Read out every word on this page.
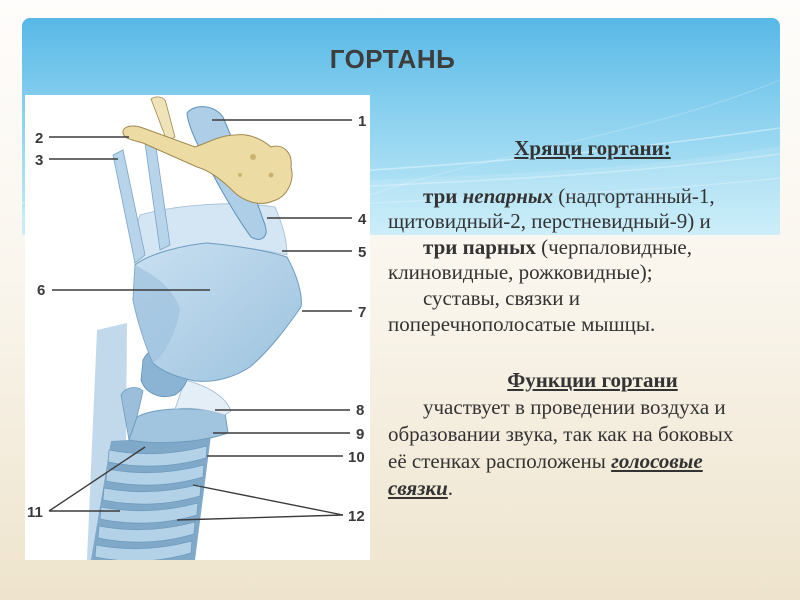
ГОРТАНЬ
1
2
3
4
5
6
7
8
9
10
11	12
Хрящи гортани:
три непарных (надгортанный-1,
щитовидный-2, перстневидный-9) и
три парных (черпаловидные,
клиновидные, рожковидные);
суставы, связки и
поперечнополосатые мышцы.
Функции гортани
участвует в проведении воздуха и
образовании звука, так как на боковых
её стенках расположены голосовые
связки.
